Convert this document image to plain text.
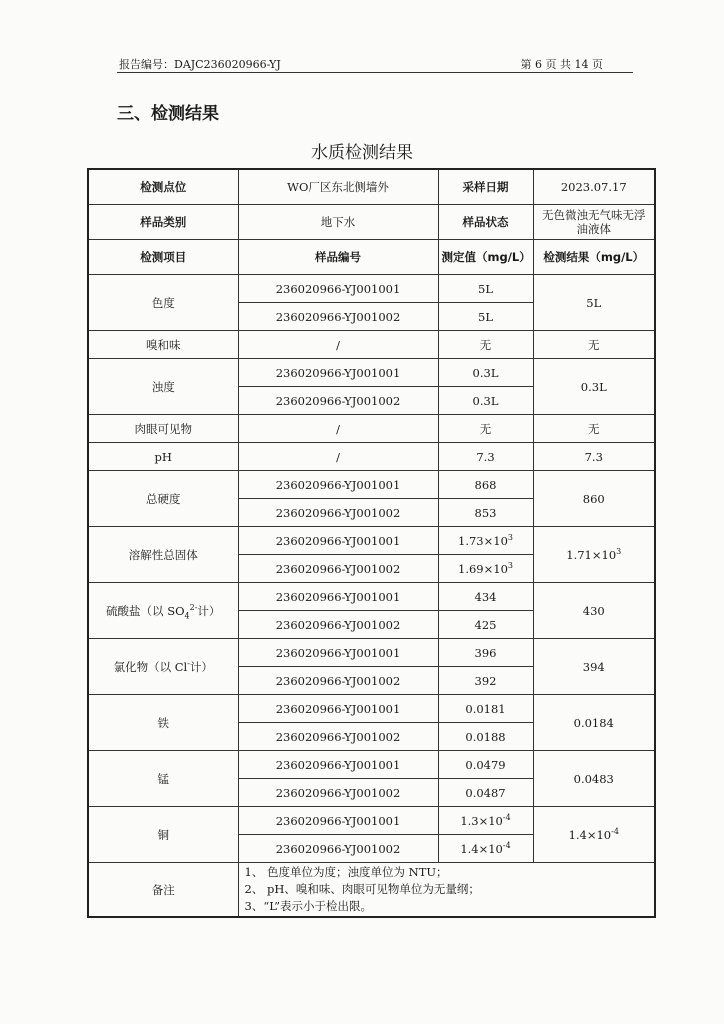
报告编号：DAJC236020966-YJ	第 6 页 共 14 页
三、检测结果
水质检测结果
检测点位	WO厂区东北侧墙外	采样日期	2023.07.17
样品类别	地下水	样品状态	无色微浊无气味无浮油液体
检测项目	样品编号	测定值（mg/L）	检测结果（mg/L）
色度	236020966-YJ001001	5L	5L
	236020966-YJ001002	5L	
嗅和味	/	无	无
浊度	236020966-YJ001001	0.3L	0.3L
	236020966-YJ001002	0.3L	
肉眼可见物	/	无	无
pH	/	7.3	7.3
总硬度	236020966-YJ001001	868	860
	236020966-YJ001002	853	
溶解性总固体	236020966-YJ001001	$1.73\times 10^3$	$1.71\times 10^3$
	236020966-YJ001002	$1.69\times 10^3$
硫酸盐（以 $SO_4^{2-}$计）	236020966-YJ001001	434	430
	236020966-YJ001002	425	
氯化物（以 Cl-计）	236020966-YJ001001	396	394
	236020966-YJ001002	392	
铁	236020966-YJ001001	0.0181	0.0184
	236020966-YJ001002	0.0188	
锰	236020966-YJ001001	0.0479	0.0483
	236020966-YJ001002	0.0487	
铜	236020966-YJ001001	$1.3\times 10^{-4}$	$1.4\times 10^{-4}$
	236020966-YJ001002	$1.4\times 10^{-4}$
备注	1、 色度单位为度；浊度单位为 NTU；
2、 pH、嗅和味、肉眼可见物单位为无量纲；
3、“L”表示小于检出限。		
